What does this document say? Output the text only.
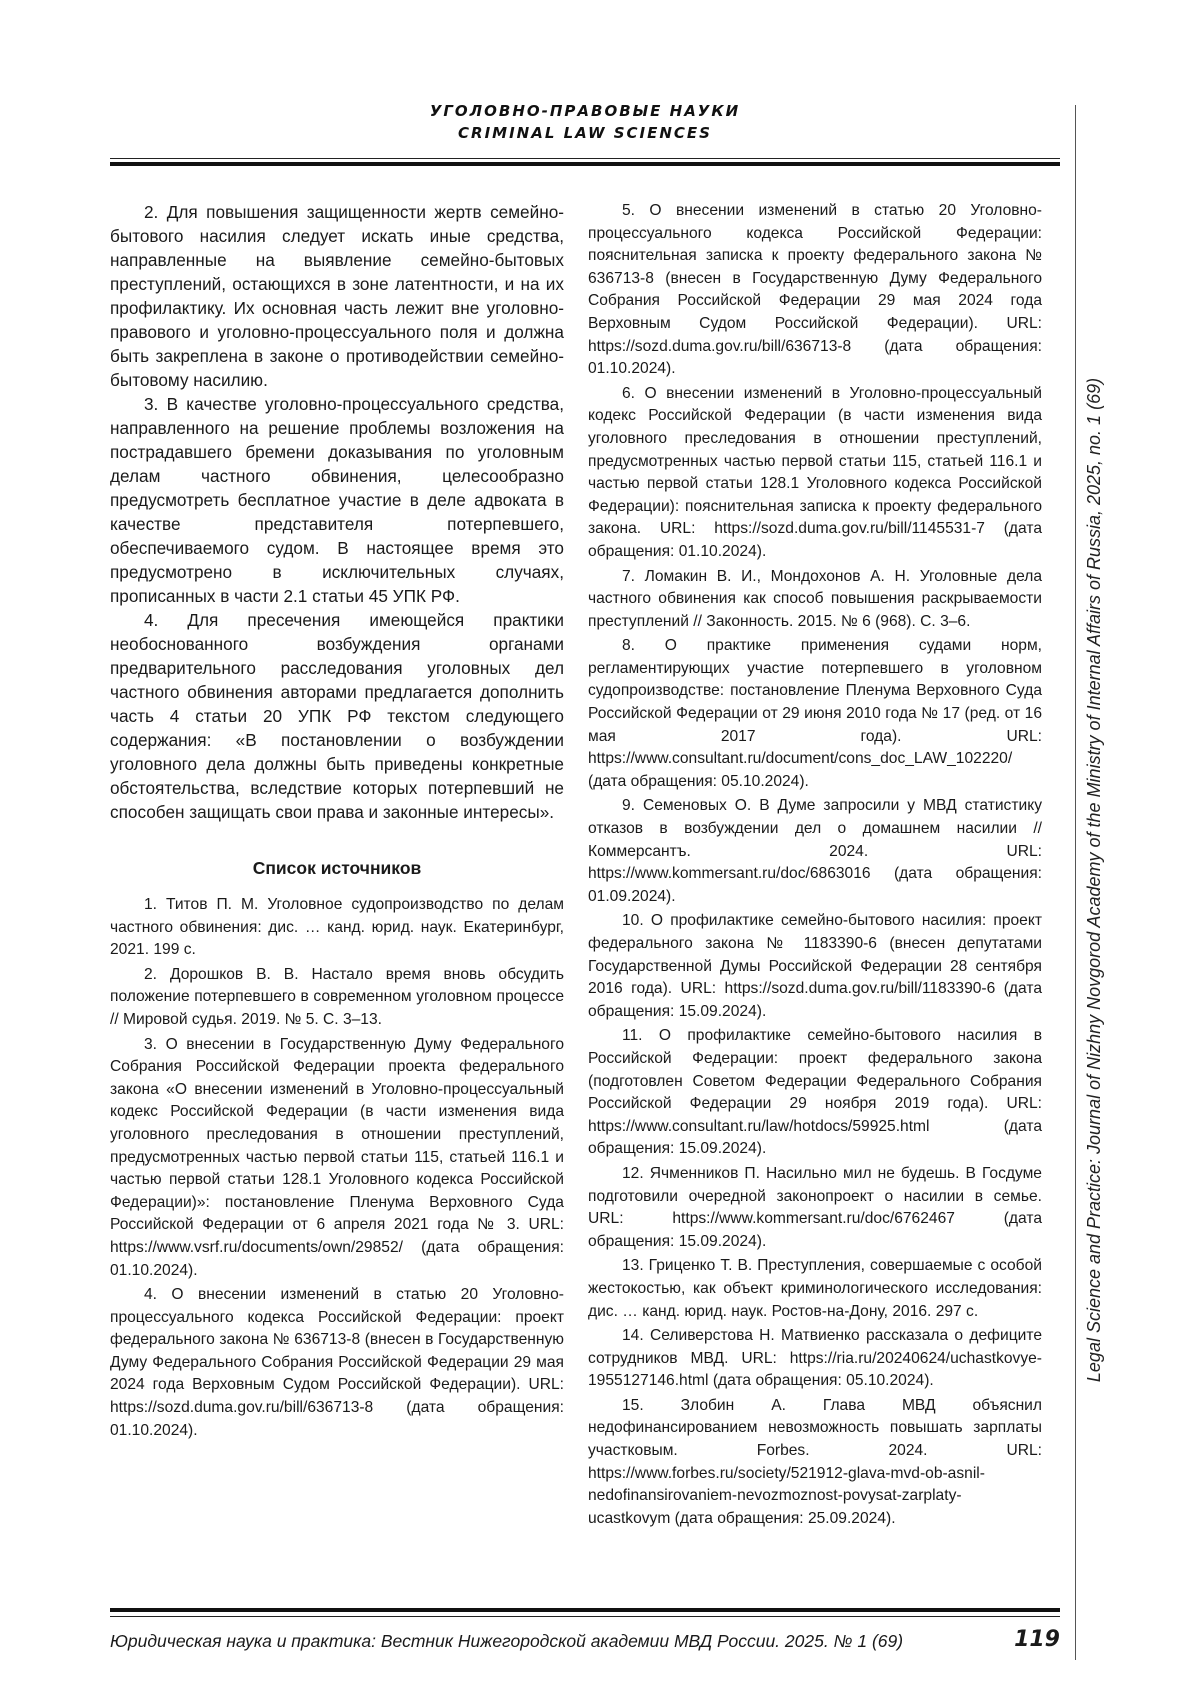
УГОЛОВНО-ПРАВОВЫЕ НАУКИ
CRIMINAL LAW SCIENCES
Legal Science and Practice: Journal of Nizhny Novgorod Academy of the Ministry of Internal Affairs of Russia, 2025, no. 1 (69)

2. Для повышения защищенности жертв семейно-бытового насилия следует искать иные средства, направленные на выявление семейно-бытовых преступлений, остающихся в зоне латентности, и на их профилактику. Их основная часть лежит вне уголовно-правового и уголовно-процессуального поля и должна быть закреплена в законе о противодействии семейно-бытовому насилию.

3. В качестве уголовно-процессуального средства, направленного на решение проблемы возложения на пострадавшего бремени доказывания по уголовным делам частного обвинения, целесообразно предусмотреть бесплатное участие в деле адвоката в качестве представителя потерпевшего, обеспечиваемого судом. В настоящее время это предусмотрено в исключительных случаях, прописанных в части 2.1 статьи 45 УПК РФ.

4. Для пресечения имеющейся практики необоснованного возбуждения органами предварительного расследования уголовных дел частного обвинения авторами предлагается дополнить часть 4 статьи 20 УПК РФ текстом следующего содержания: «В постановлении о возбуждении уголовного дела должны быть приведены конкретные обстоятельства, вследствие которых потерпевший не способен защищать свои права и законные интересы».

Список источников

1. Титов П. М. Уголовное судопроизводство по делам частного обвинения: дис. … канд. юрид. наук. Екатеринбург, 2021. 199 с.

2. Дорошков В. В. Настало время вновь обсудить положение потерпевшего в современном уголовном процессе // Мировой судья. 2019. № 5. С. 3–13.

3. О внесении в Государственную Думу Федерального Собрания Российской Федерации проекта федерального закона «О внесении изменений в Уголовно-процессуальный кодекс Российской Федерации (в части изменения вида уголовного преследования в отношении преступлений, предусмотренных частью первой статьи 115, статьей 116.1 и частью первой статьи 128.1 Уголовного кодекса Российской Федерации)»: постановление Пленума Верховного Суда Российской Федерации от 6 апреля 2021 года № 3. URL: https://www.vsrf.ru/documents/own/29852/ (дата обращения: 01.10.2024).

4. О внесении изменений в статью 20 Уголовно-процессуального кодекса Российской Федерации: проект федерального закона № 636713-8 (внесен в Государственную Думу Федерального Собрания Российской Федерации 29 мая 2024 года Верховным Судом Российской Федерации). URL: https://sozd.duma.gov.ru/bill/636713-8 (дата обращения: 01.10.2024).

5. О внесении изменений в статью 20 Уголовно-процессуального кодекса Российской Федерации: пояснительная записка к проекту федерального закона № 636713-8 (внесен в Государственную Думу Федерального Собрания Российской Федерации 29 мая 2024 года Верховным Судом Российской Федерации). URL: https://sozd.duma.gov.ru/bill/636713-8 (дата обращения: 01.10.2024).

6. О внесении изменений в Уголовно-процессуальный кодекс Российской Федерации (в части изменения вида уголовного преследования в отношении преступлений, предусмотренных частью первой статьи 115, статьей 116.1 и частью первой статьи 128.1 Уголовного кодекса Российской Федерации): пояснительная записка к проекту федерального закона. URL: https://sozd.duma.gov.ru/bill/1145531-7 (дата обращения: 01.10.2024).

7. Ломакин В. И., Мондохонов А. Н. Уголовные дела частного обвинения как способ повышения раскрываемости преступлений // Законность. 2015. № 6 (968). С. 3–6.

8. О практике применения судами норм, регламентирующих участие потерпевшего в уголовном судопроизводстве: постановление Пленума Верховного Суда Российской Федерации от 29 июня 2010 года № 17 (ред. от 16 мая 2017 года). URL: https://www.consultant.ru/document/cons_doc_LAW_102220/ (дата обращения: 05.10.2024).

9. Семеновых О. В Думе запросили у МВД статистику отказов в возбуждении дел о домашнем насилии // Коммерсантъ. 2024. URL: https://www.kommersant.ru/doc/6863016 (дата обращения: 01.09.2024).

10. О профилактике семейно-бытового насилия: проект федерального закона № 1183390-6 (внесен депутатами Государственной Думы Российской Федерации 28 сентября 2016 года). URL: https://sozd.duma.gov.ru/bill/1183390-6 (дата обращения: 15.09.2024).

11. О профилактике семейно-бытового насилия в Российской Федерации: проект федерального закона (подготовлен Советом Федерации Федерального Собрания Российской Федерации 29 ноября 2019 года). URL: https://www.consultant.ru/law/hotdocs/59925.html (дата обращения: 15.09.2024).

12. Ячменников П. Насильно мил не будешь. В Госдуме подготовили очередной законопроект о насилии в семье. URL: https://www.kommersant.ru/doc/6762467 (дата обращения: 15.09.2024).

13. Гриценко Т. В. Преступления, совершаемые с особой жестокостью, как объект криминологического исследования: дис. … канд. юрид. наук. Ростов-на-Дону, 2016. 297 с.

14. Селиверстова Н. Матвиенко рассказала о дефиците сотрудников МВД. URL: https://ria.ru/20240624/uchastkovye-1955127146.html (дата обращения: 05.10.2024).

15. Злобин А. Глава МВД объяснил недофинансированием невозможность повышать зарплаты участковым. Forbes. 2024. URL: https://www.forbes.ru/society/521912-glava-mvd-ob-asnil-nedofinansirovaniem-nevozmoznost-povysat-zarplaty-ucastkovym (дата обращения: 25.09.2024).

Юридическая наука и практика: Вестник Нижегородской академии МВД России. 2025. № 1 (69)	119
